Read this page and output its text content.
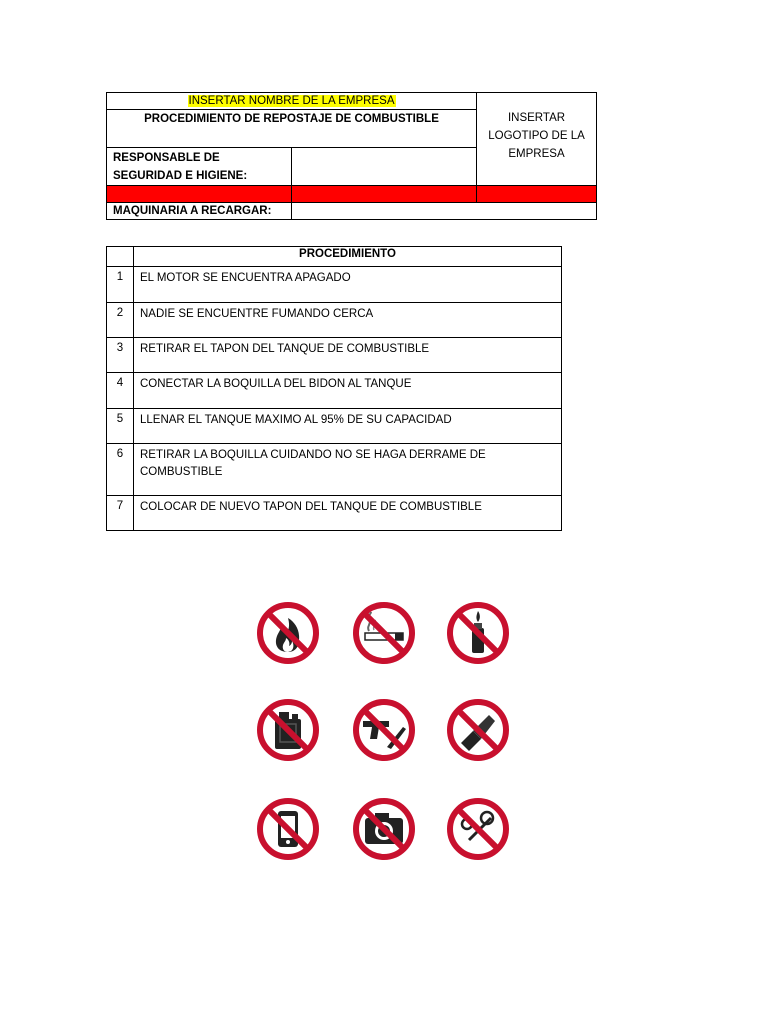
INSERTAR NOMBRE DE LA EMPRESA		INSERTAR
LOGOTIPO DE LA
EMPRESA

PROCEDIMIENTO DE REPOSTAJE DE COMBUSTIBLE		

RESPONSABLE DE
SEGURIDAD E HIGIENE:		

MAQUINARIA A RECARGAR:		
	PROCEDIMIENTO
1	EL MOTOR SE ENCUENTRA APAGADO

2	NADIE SE ENCUENTRE FUMANDO CERCA

3	RETIRAR EL TAPON DEL TANQUE DE COMBUSTIBLE

4	CONECTAR LA BOQUILLA DEL BIDON AL TANQUE

5	LLENAR EL TANQUE MAXIMO AL 95% DE SU CAPACIDAD

6	RETIRAR LA BOQUILLA CUIDANDO NO SE HAGA DERRAME DE
COMBUSTIBLE

7	COLOCAR DE NUEVO TAPON DEL TANQUE DE COMBUSTIBLE
